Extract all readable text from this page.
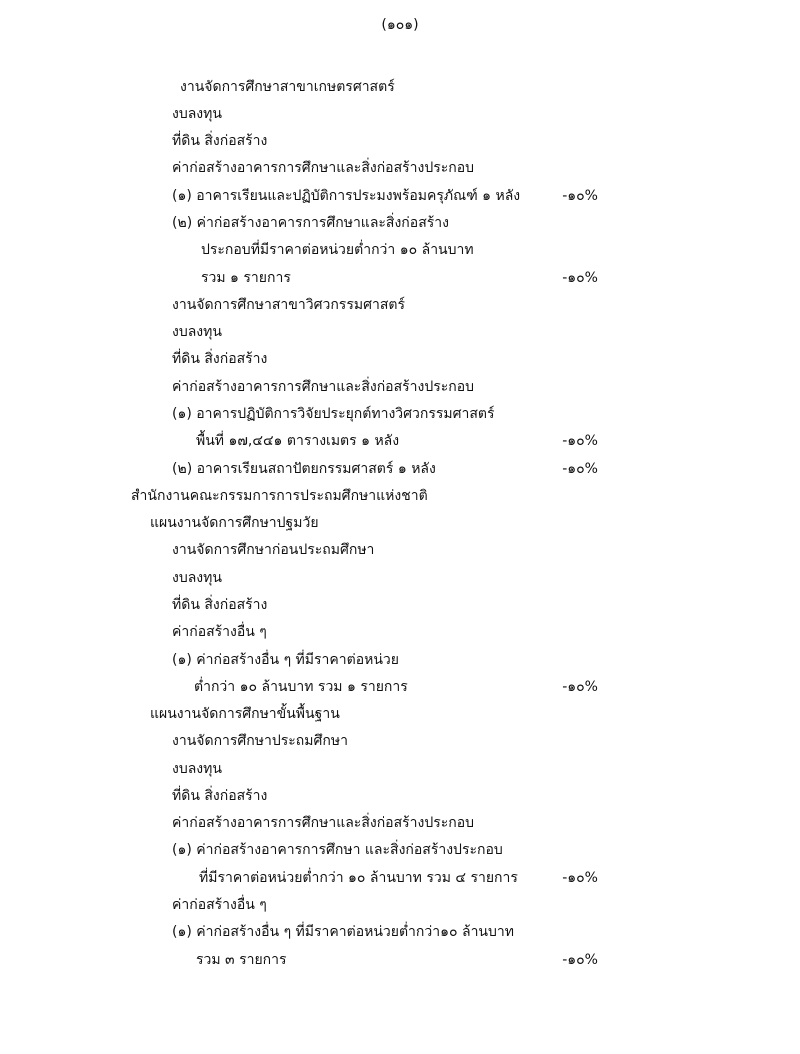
(๑๐๑)
งานจัดการศึกษาสาขาเกษตรศาสตร์
งบลงทุน
ที่ดิน สิ่งก่อสร้าง
ค่าก่อสร้างอาคารการศึกษาและสิ่งก่อสร้างประกอบ
(๑) อาคารเรียนและปฏิบัติการประมงพร้อมครุภัณฑ์ ๑ หลัง	-๑๐%
(๒) ค่าก่อสร้างอาคารการศึกษาและสิ่งก่อสร้าง
ประกอบที่มีราคาต่อหน่วยต่ำกว่า ๑๐ ล้านบาท
รวม ๑ รายการ	-๑๐%
งานจัดการศึกษาสาขาวิศวกรรมศาสตร์
งบลงทุน
ที่ดิน สิ่งก่อสร้าง
ค่าก่อสร้างอาคารการศึกษาและสิ่งก่อสร้างประกอบ
(๑) อาคารปฏิบัติการวิจัยประยุกต์ทางวิศวกรรมศาสตร์
พื้นที่ ๑๗,๔๔๑ ตารางเมตร ๑ หลัง	-๑๐%
(๒) อาคารเรียนสถาปัตยกรรมศาสตร์ ๑ หลัง	-๑๐%
สำนักงานคณะกรรมการการประถมศึกษาแห่งชาติ
แผนงานจัดการศึกษาปฐมวัย
งานจัดการศึกษาก่อนประถมศึกษา
งบลงทุน
ที่ดิน สิ่งก่อสร้าง
ค่าก่อสร้างอื่น ๆ
(๑) ค่าก่อสร้างอื่น ๆ ที่มีราคาต่อหน่วย
ต่ำกว่า ๑๐ ล้านบาท รวม ๑ รายการ	-๑๐%
แผนงานจัดการศึกษาขั้นพื้นฐาน
งานจัดการศึกษาประถมศึกษา
งบลงทุน
ที่ดิน สิ่งก่อสร้าง
ค่าก่อสร้างอาคารการศึกษาและสิ่งก่อสร้างประกอบ
(๑) ค่าก่อสร้างอาคารการศึกษา และสิ่งก่อสร้างประกอบ
ที่มีราคาต่อหน่วยต่ำกว่า ๑๐ ล้านบาท รวม ๔ รายการ	-๑๐%
ค่าก่อสร้างอื่น ๆ
(๑) ค่าก่อสร้างอื่น ๆ ที่มีราคาต่อหน่วยต่ำกว่า๑๐ ล้านบาท
รวม ๓ รายการ	-๑๐%
